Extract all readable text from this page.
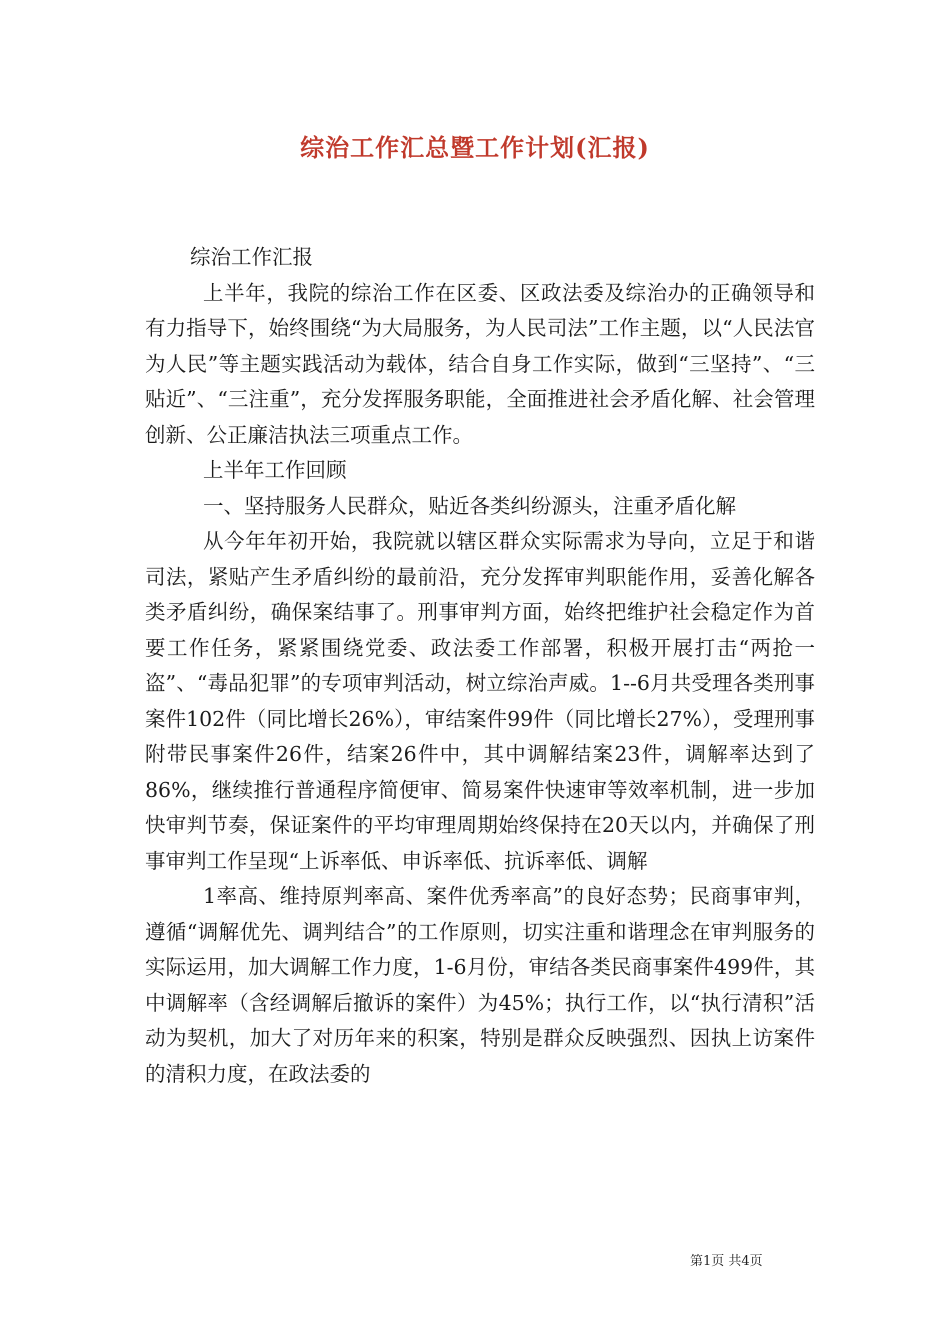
综治工作汇总暨工作计划(汇报)

综治工作汇报

上半年，我院的综治工作在区委、区政法委及综治办的正确领导和有力指导下，始终围绕“为大局服务，为人民司法”工作主题，以“人民法官为人民”等主题实践活动为载体，结合自身工作实际，做到“三坚持”、“三贴近”、“三注重”，充分发挥服务职能，全面推进社会矛盾化解、社会管理创新、公正廉洁执法三项重点工作。

上半年工作回顾

一、坚持服务人民群众，贴近各类纠纷源头，注重矛盾化解

从今年年初开始，我院就以辖区群众实际需求为导向，立足于和谐司法，紧贴产生矛盾纠纷的最前沿，充分发挥审判职能作用，妥善化解各类矛盾纠纷，确保案结事了。刑事审判方面，始终把维护社会稳定作为首要工作任务，紧紧围绕党委、政法委工作部署，积极开展打击“两抢一盗”、“毒品犯罪”的专项审判活动，树立综治声威。1--6月共受理各类刑事案件102件（同比增长26%），审结案件99件（同比增长27%），受理刑事附带民事案件26件，结案26件中，其中调解结案23件，调解率达到了86%，继续推行普通程序简便审、简易案件快速审等效率机制，进一步加快审判节奏，保证案件的平均审理周期始终保持在20天以内，并确保了刑事审判工作呈现“上诉率低、申诉率低、抗诉率低、调解

1率高、维持原判率高、案件优秀率高”的良好态势；民商事审判，遵循“调解优先、调判结合”的工作原则，切实注重和谐理念在审判服务的实际运用，加大调解工作力度，1-6月份，审结各类民商事案件499件，其中调解率（含经调解后撤诉的案件）为45%；执行工作，以“执行清积”活动为契机，加大了对历年来的积案，特别是群众反映强烈、因执上访案件的清积力度，在政法委的

第1页 共4页
